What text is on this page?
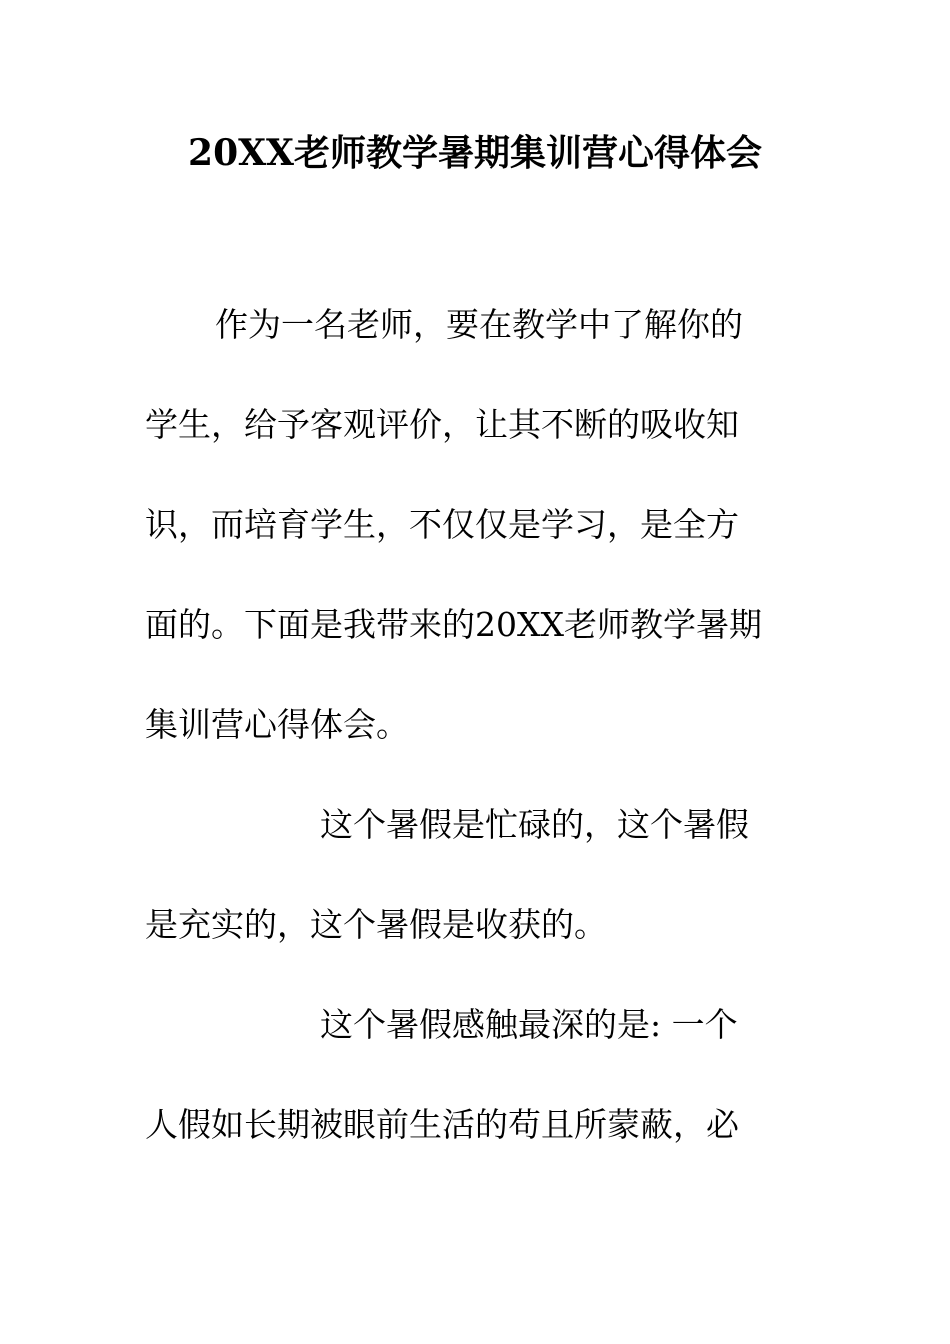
20XX老师教学暑期集训营心得体会
作为一名老师，要在教学中了解你的
学生，给予客观评价，让其不断的吸收知
识，而培育学生，不仅仅是学习，是全方
面的。下面是我带来的20XX老师教学暑期
集训营心得体会。
这个暑假是忙碌的，这个暑假
是充实的，这个暑假是收获的。
这个暑假感触最深的是: 一个
人假如长期被眼前生活的苟且所蒙蔽，必
